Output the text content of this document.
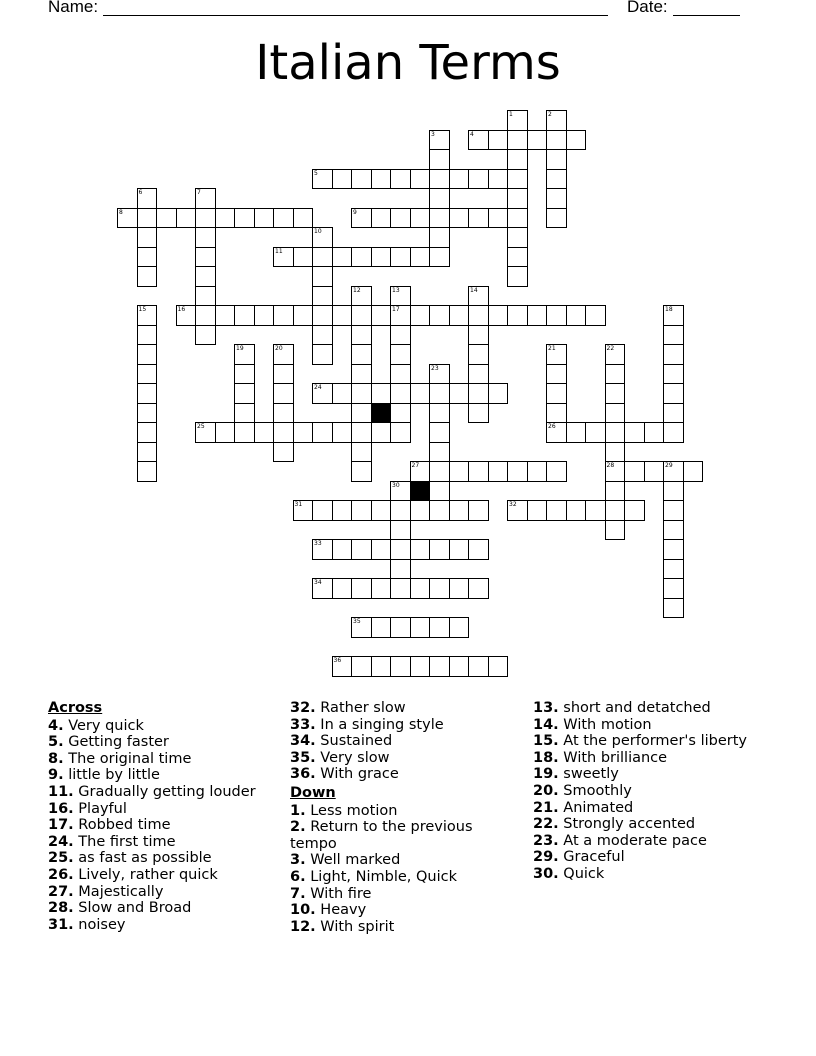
Name:	Date:
Italian Terms
1	2
3	4
5
6	7
8	9
10
11
12	13
17
14
15	16	18
19	20	21
26
22
28
23
24
25
27	29
30
31	32
33
34
35
36
Across
4. Very quick
5. Getting faster
8. The original time
9. little by little
11. Gradually getting louder
16. Playful
17. Robbed time
24. The first time
25. as fast as possible
26. Lively, rather quick
27. Majestically
28. Slow and Broad
31. noisey
32. Rather slow
33. In a singing style
34. Sustained
35. Very slow
36. With grace
Down
1. Less motion
2. Return to the previous tempo
3. Well marked
6. Light, Nimble, Quick
7. With fire
10. Heavy
12. With spirit
13. short and detatched
14. With motion
15. At the performer's liberty
18. With brilliance
19. sweetly
20. Smoothly
21. Animated
22. Strongly accented
23. At a moderate pace
29. Graceful
30. Quick
